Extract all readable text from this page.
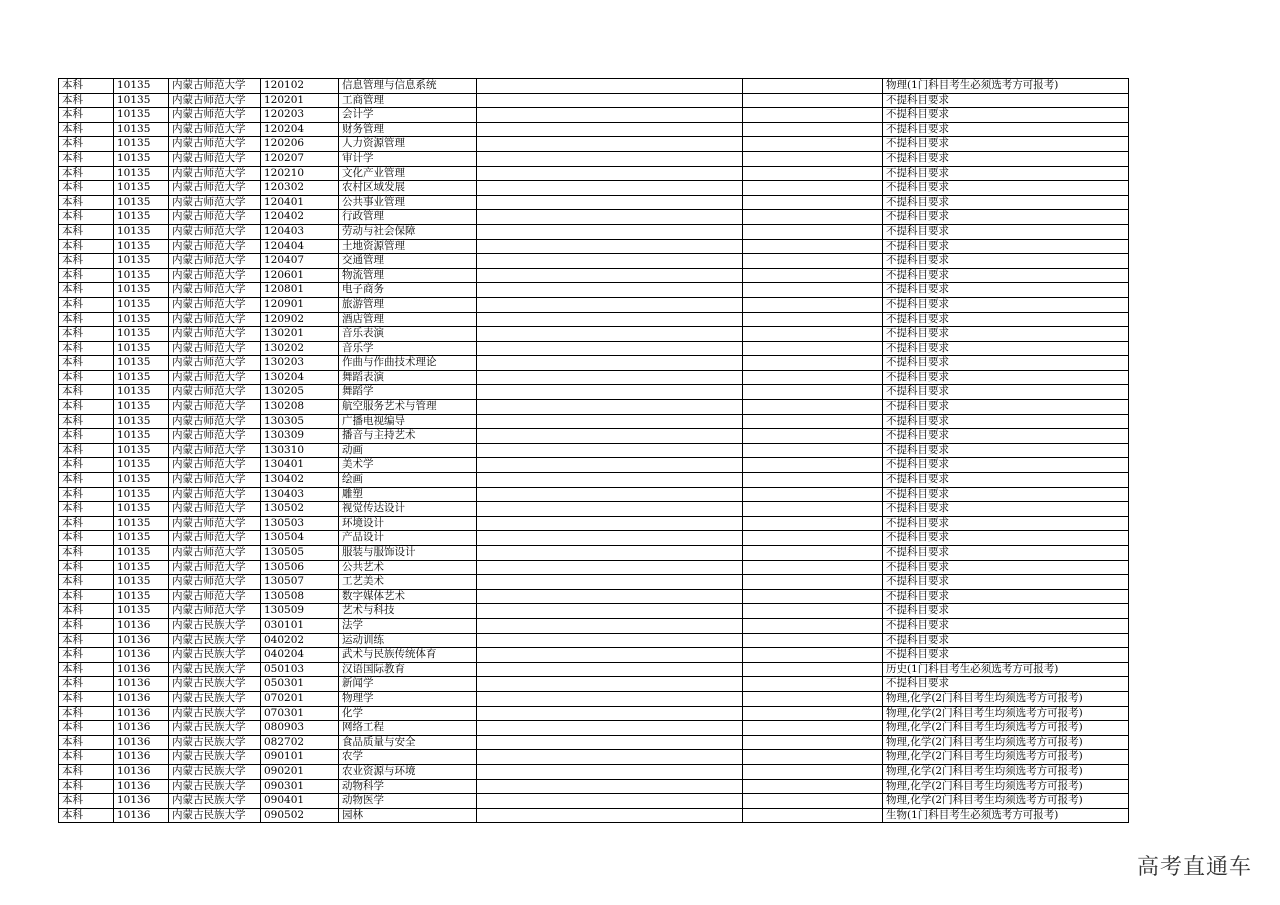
本科	10135	内蒙古师范大学	120102	信息管理与信息系统			物理(1门科目考生必须选考方可报考)
本科	10135	内蒙古师范大学	120201	工商管理			不提科目要求
本科	10135	内蒙古师范大学	120203	会计学			不提科目要求
本科	10135	内蒙古师范大学	120204	财务管理			不提科目要求
本科	10135	内蒙古师范大学	120206	人力资源管理			不提科目要求
本科	10135	内蒙古师范大学	120207	审计学			不提科目要求
本科	10135	内蒙古师范大学	120210	文化产业管理			不提科目要求
本科	10135	内蒙古师范大学	120302	农村区域发展			不提科目要求
本科	10135	内蒙古师范大学	120401	公共事业管理			不提科目要求
本科	10135	内蒙古师范大学	120402	行政管理			不提科目要求
本科	10135	内蒙古师范大学	120403	劳动与社会保障			不提科目要求
本科	10135	内蒙古师范大学	120404	土地资源管理			不提科目要求
本科	10135	内蒙古师范大学	120407	交通管理			不提科目要求
本科	10135	内蒙古师范大学	120601	物流管理			不提科目要求
本科	10135	内蒙古师范大学	120801	电子商务			不提科目要求
本科	10135	内蒙古师范大学	120901	旅游管理			不提科目要求
本科	10135	内蒙古师范大学	120902	酒店管理			不提科目要求
本科	10135	内蒙古师范大学	130201	音乐表演			不提科目要求
本科	10135	内蒙古师范大学	130202	音乐学			不提科目要求
本科	10135	内蒙古师范大学	130203	作曲与作曲技术理论			不提科目要求
本科	10135	内蒙古师范大学	130204	舞蹈表演			不提科目要求
本科	10135	内蒙古师范大学	130205	舞蹈学			不提科目要求
本科	10135	内蒙古师范大学	130208	航空服务艺术与管理			不提科目要求
本科	10135	内蒙古师范大学	130305	广播电视编导			不提科目要求
本科	10135	内蒙古师范大学	130309	播音与主持艺术			不提科目要求
本科	10135	内蒙古师范大学	130310	动画			不提科目要求
本科	10135	内蒙古师范大学	130401	美术学			不提科目要求
本科	10135	内蒙古师范大学	130402	绘画			不提科目要求
本科	10135	内蒙古师范大学	130403	雕塑			不提科目要求
本科	10135	内蒙古师范大学	130502	视觉传达设计			不提科目要求
本科	10135	内蒙古师范大学	130503	环境设计			不提科目要求
本科	10135	内蒙古师范大学	130504	产品设计			不提科目要求
本科	10135	内蒙古师范大学	130505	服装与服饰设计			不提科目要求
本科	10135	内蒙古师范大学	130506	公共艺术			不提科目要求
本科	10135	内蒙古师范大学	130507	工艺美术			不提科目要求
本科	10135	内蒙古师范大学	130508	数字媒体艺术			不提科目要求
本科	10135	内蒙古师范大学	130509	艺术与科技			不提科目要求
本科	10136	内蒙古民族大学	030101	法学			不提科目要求
本科	10136	内蒙古民族大学	040202	运动训练			不提科目要求
本科	10136	内蒙古民族大学	040204	武术与民族传统体育			不提科目要求
本科	10136	内蒙古民族大学	050103	汉语国际教育			历史(1门科目考生必须选考方可报考)
本科	10136	内蒙古民族大学	050301	新闻学			不提科目要求
本科	10136	内蒙古民族大学	070201	物理学			物理,化学(2门科目考生均须选考方可报考)
本科	10136	内蒙古民族大学	070301	化学			物理,化学(2门科目考生均须选考方可报考)
本科	10136	内蒙古民族大学	080903	网络工程			物理,化学(2门科目考生均须选考方可报考)
本科	10136	内蒙古民族大学	082702	食品质量与安全			物理,化学(2门科目考生均须选考方可报考)
本科	10136	内蒙古民族大学	090101	农学			物理,化学(2门科目考生均须选考方可报考)
本科	10136	内蒙古民族大学	090201	农业资源与环境			物理,化学(2门科目考生均须选考方可报考)
本科	10136	内蒙古民族大学	090301	动物科学			物理,化学(2门科目考生均须选考方可报考)
本科	10136	内蒙古民族大学	090401	动物医学			物理,化学(2门科目考生均须选考方可报考)
本科	10136	内蒙古民族大学	090502	园林			生物(1门科目考生必须选考方可报考)
高考直通车
